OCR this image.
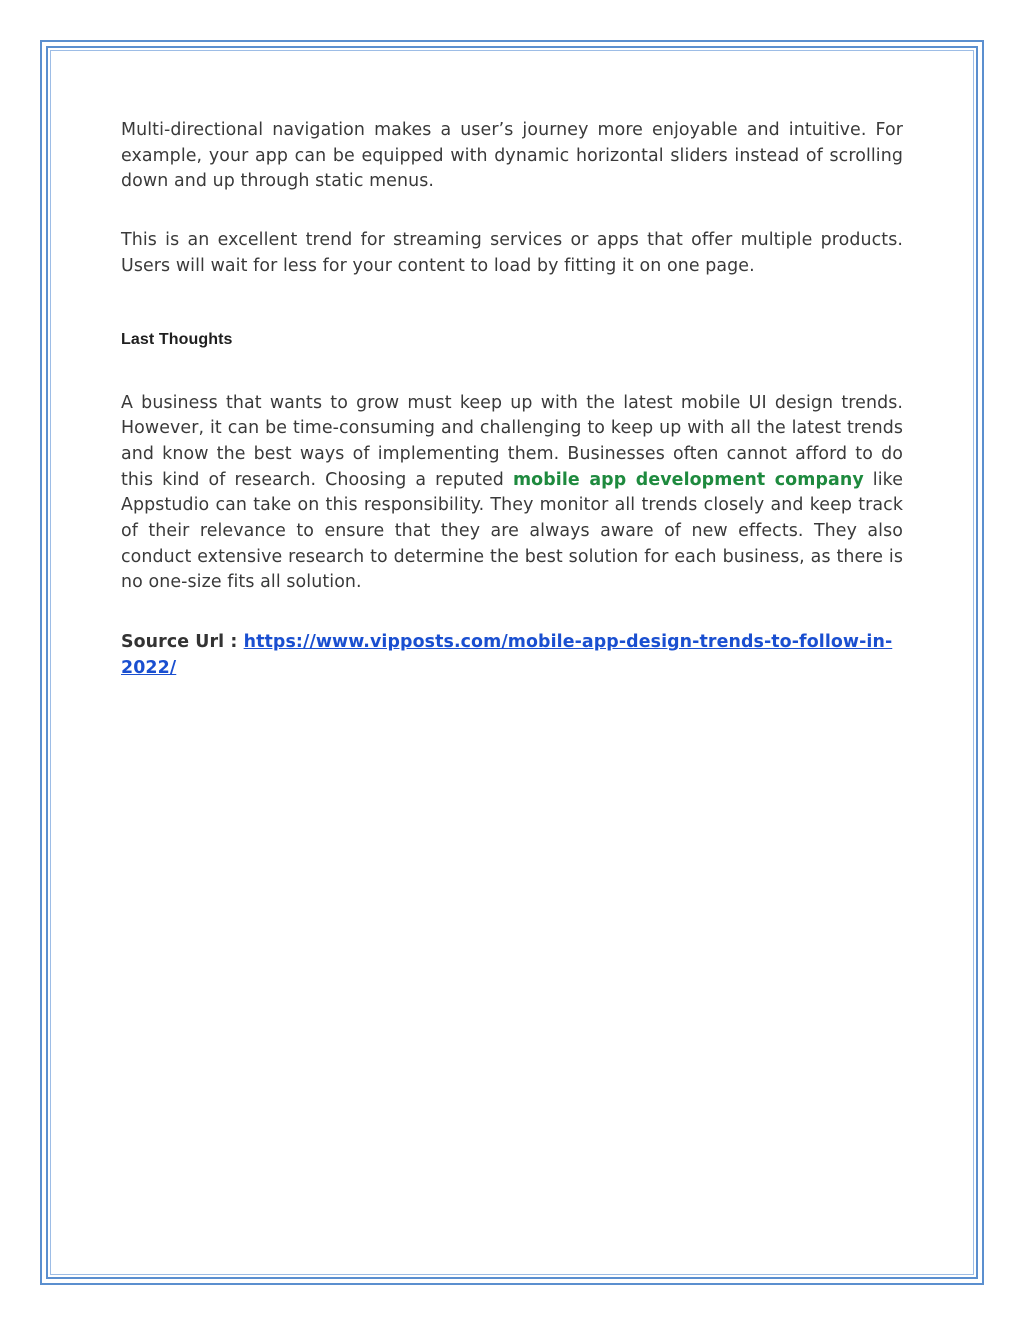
Multi-directional navigation makes a user’s journey more enjoyable and intuitive. For example, your app can be equipped with dynamic horizontal sliders instead of scrolling down and up through static menus.

This is an excellent trend for streaming services or apps that offer multiple products. Users will wait for less for your content to load by fitting it on one page.

Last Thoughts

A business that wants to grow must keep up with the latest mobile UI design trends. However, it can be time-consuming and challenging to keep up with all the latest trends and know the best ways of implementing them. Businesses often cannot afford to do this kind of research. Choosing a reputed mobile app development company like Appstudio can take on this responsibility. They monitor all trends closely and keep track of their relevance to ensure that they are always aware of new effects. They also conduct extensive research to determine the best solution for each business, as there is no one-size fits all solution.

Source Url : https://www.vipposts.com/mobile-app-design-trends-to-follow-in-2022/
